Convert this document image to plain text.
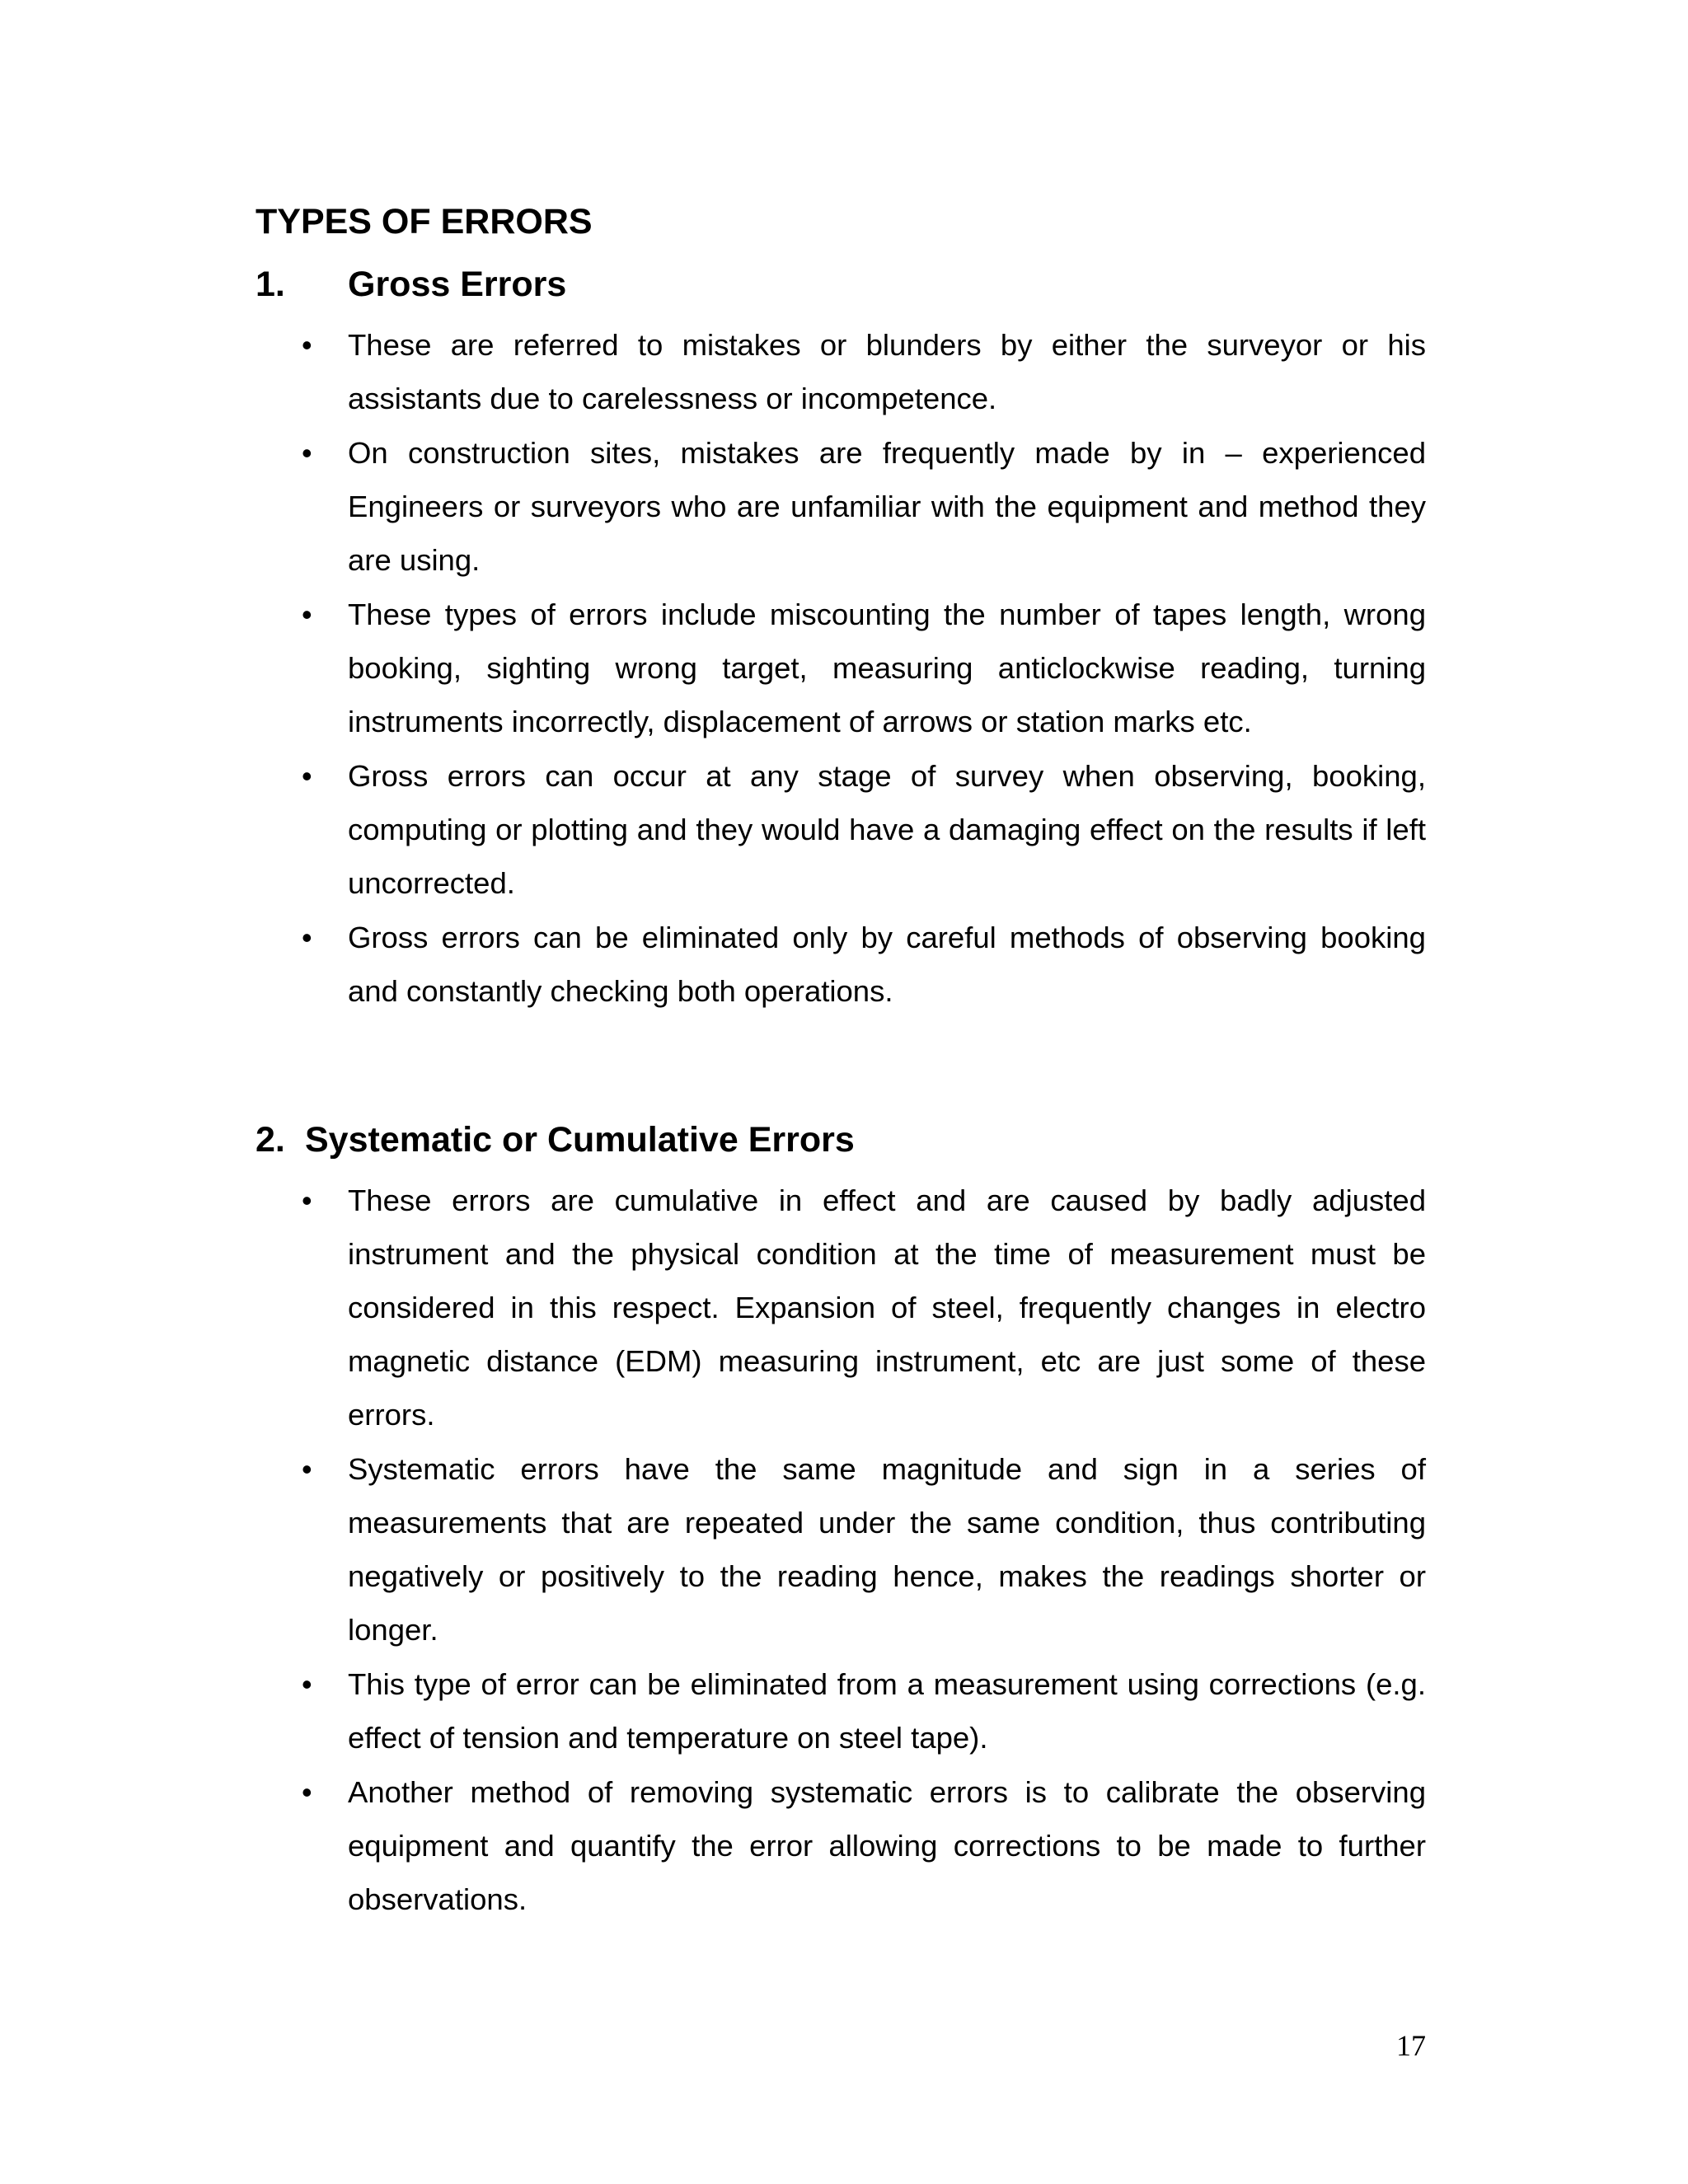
TYPES OF ERRORS
1. Gross Errors
• These are referred to mistakes or blunders by either the surveyor or his assistants due to carelessness or incompetence.
• On construction sites, mistakes are frequently made by in – experienced Engineers or surveyors who are unfamiliar with the equipment and method they are using.
• These types of errors include miscounting the number of tapes length, wrong booking, sighting wrong target, measuring anticlockwise reading, turning instruments incorrectly, displacement of arrows or station marks etc.
• Gross errors can occur at any stage of survey when observing, booking, computing or plotting and they would have a damaging effect on the results if left uncorrected.
• Gross errors can be eliminated only by careful methods of observing booking and constantly checking both operations.
2. Systematic or Cumulative Errors
• These errors are cumulative in effect and are caused by badly adjusted instrument and the physical condition at the time of measurement must be considered in this respect. Expansion of steel, frequently changes in electro magnetic distance (EDM) measuring instrument, etc are just some of these errors.
• Systematic errors have the same magnitude and sign in a series of measurements that are repeated under the same condition, thus contributing negatively or positively to the reading hence, makes the readings shorter or longer.
• This type of error can be eliminated from a measurement using corrections (e.g. effect of tension and temperature on steel tape).
• Another method of removing systematic errors is to calibrate the observing equipment and quantify the error allowing corrections to be made to further observations.
17
